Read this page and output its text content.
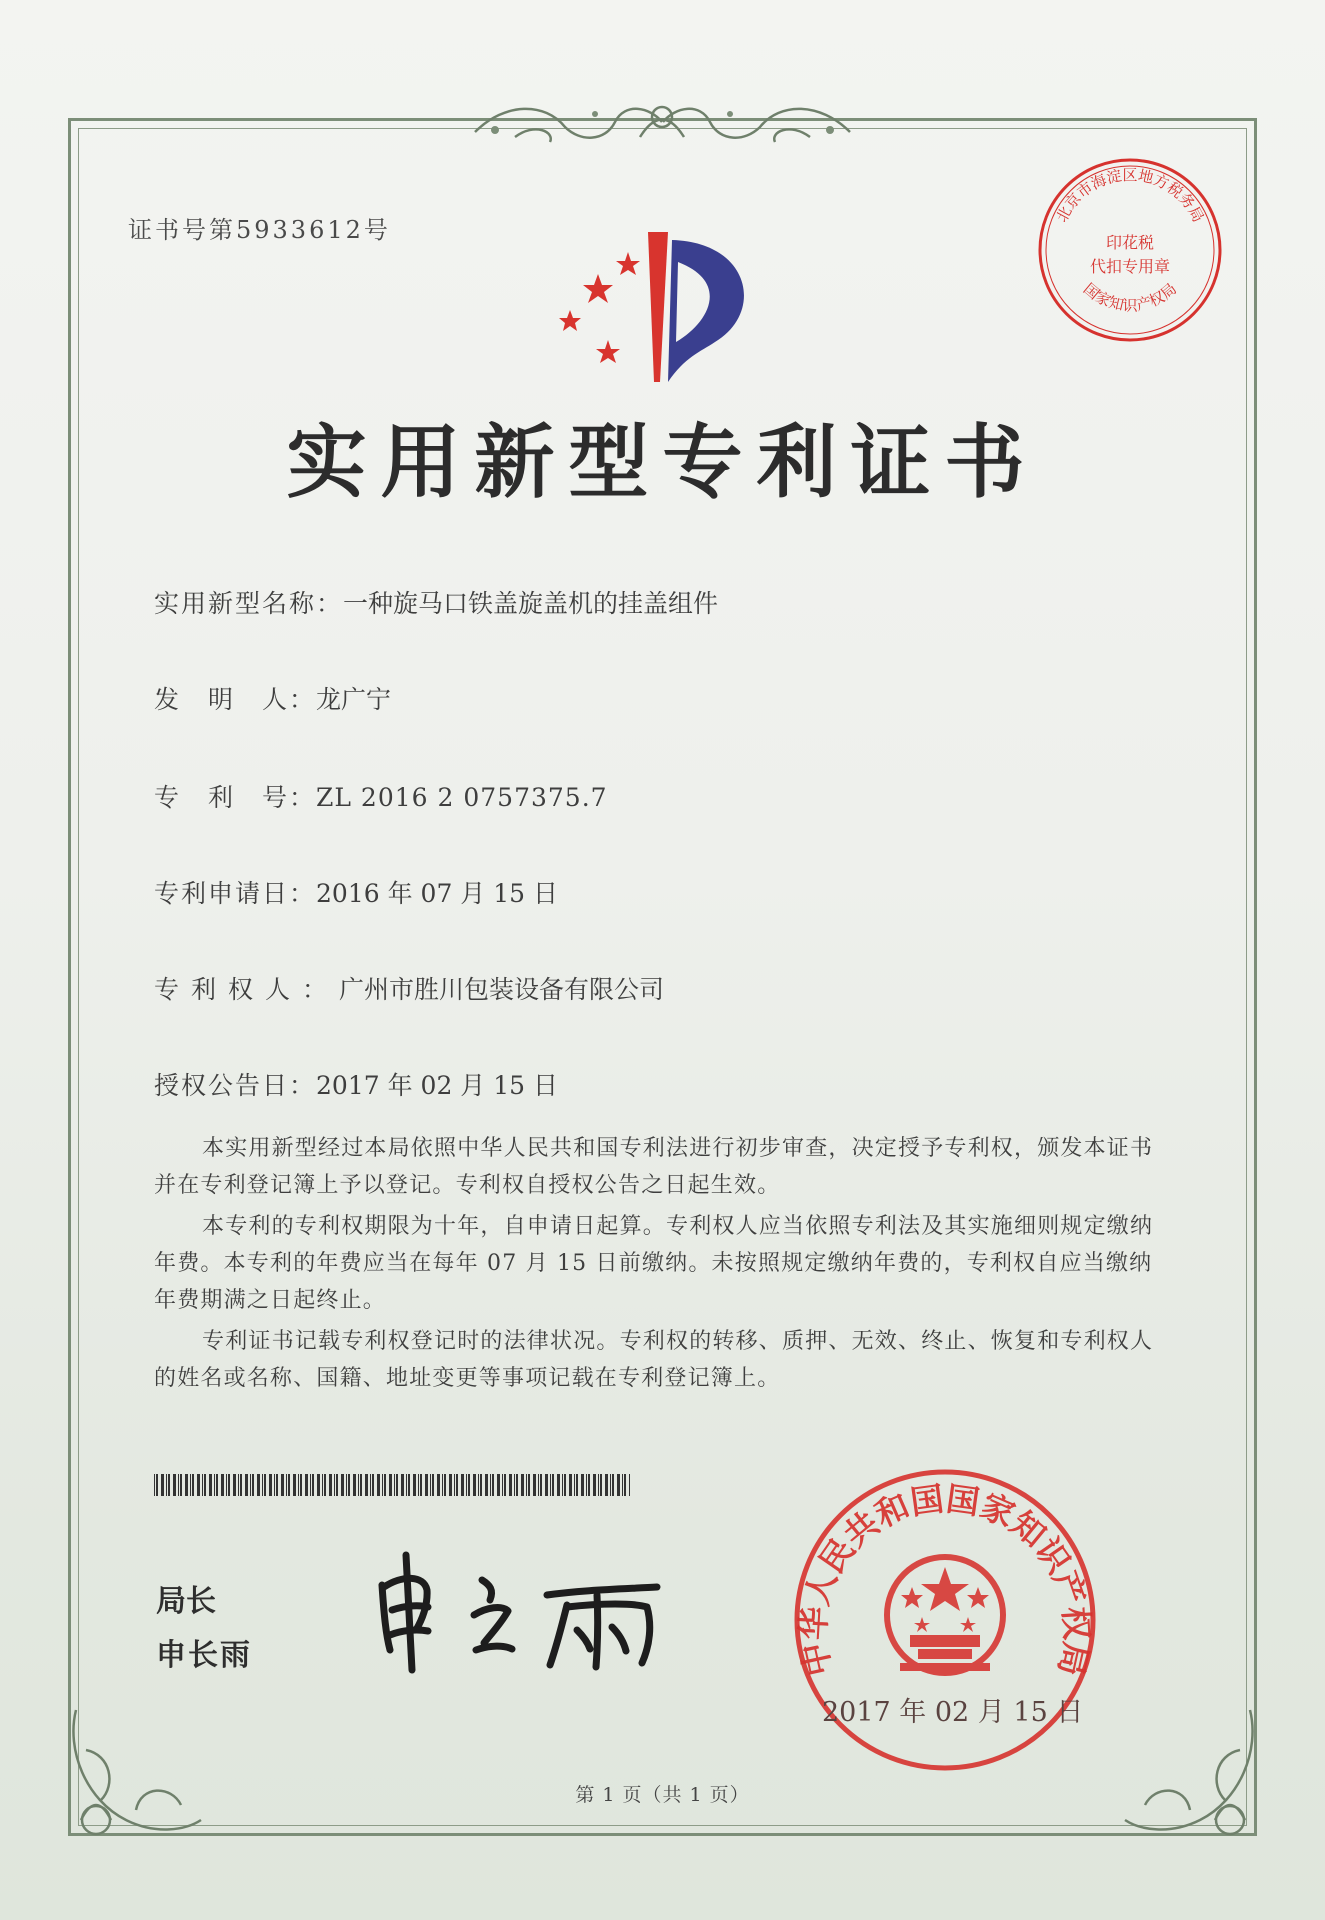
证书号第5933612号
北京市海淀区地方税务局
印花税
代扣专用章
国家知识产权局
实用新型专利证书
实用新型名称：一种旋马口铁盖旋盖机的挂盖组件
发　明　人：龙广宁
专　利　号：ZL 2016 2 0757375.7
专利申请日：2016 年 07 月 15 日
专利权人：广州市胜川包装设备有限公司
授权公告日：2017 年 02 月 15 日

本实用新型经过本局依照中华人民共和国专利法进行初步审查，决定授予专利权，颁发本证书并在专利登记簿上予以登记。专利权自授权公告之日起生效。

本专利的专利权期限为十年，自申请日起算。专利权人应当依照专利法及其实施细则规定缴纳年费。本专利的年费应当在每年 07 月 15 日前缴纳。未按照规定缴纳年费的，专利权自应当缴纳年费期满之日起终止。

专利证书记载专利权登记时的法律状况。专利权的转移、质押、无效、终止、恢复和专利权人的姓名或名称、国籍、地址变更等事项记载在专利登记簿上。

局长
申长雨	中华人民共和国国家知识产权局
2017 年 02 月 15 日
第 1 页（共 1 页）
